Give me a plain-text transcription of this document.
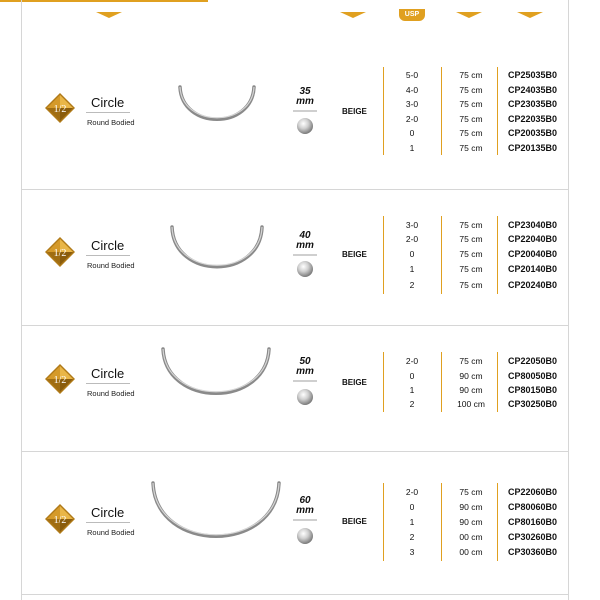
USP
1/2 Circle
Round Bodied
35
mm
BEIGE
5-0	75 cm	CP25035B0
4-0	75 cm	CP24035B0
3-0	75 cm	CP23035B0
2-0	75 cm	CP22035B0
0	75 cm	CP20035B0
1	75 cm	CP20135B0
1/2
Circle
Round Bodied
40
mm
BEIGE
3-0	75 cm	CP23040B0
2-0	75 cm	CP22040B0
0	75 cm	CP20040B0
1	75 cm	CP20140B0
2	75 cm	CP20240B0
1/2 Circle
Round Bodied
50
mm
BEIGE
2-0	75 cm	CP22050B0
0	90 cm	CP80050B0
1	90 cm	CP80150B0
2	100 cm	CP30250B0
1/2
Circle
Round Bodied
60
mm
BEIGE
2-0	75 cm	CP22060B0
0	90 cm	CP80060B0
1	90 cm	CP80160B0
2	00 cm	CP30260B0
3	00 cm	CP30360B0
